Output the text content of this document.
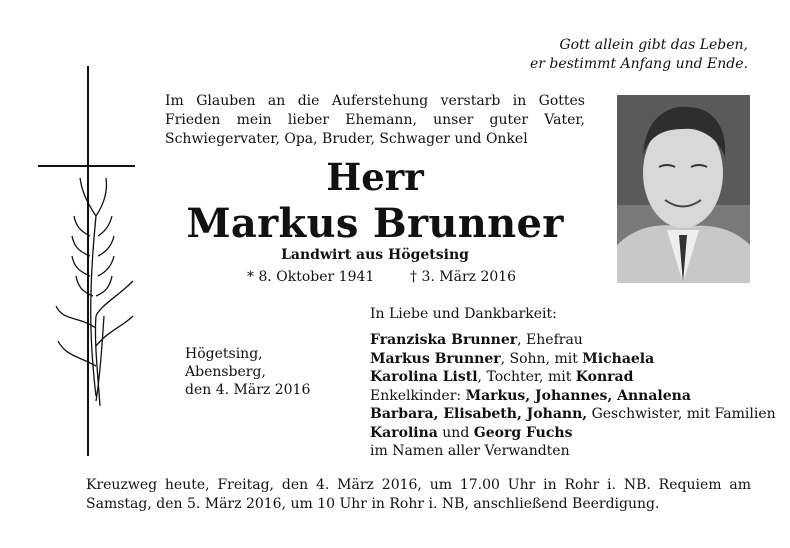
Gott allein gibt das Leben,
er bestimmt Anfang und Ende.
Im Glauben an die Auferstehung verstarb in Gottes Frieden mein lieber Ehemann, unser guter Vater, Schwiegervater, Opa, Bruder, Schwager und Onkel
Herr
Markus Brunner
Landwirt aus Högetsing
* 8. Oktober 1941	† 3. März 2016
Högetsing,
Abensberg,
den 4. März 2016
In Liebe und Dankbarkeit:
Franziska Brunner, Ehefrau
Markus Brunner, Sohn, mit Michaela
Karolina Listl, Tochter, mit Konrad
Enkelkinder: Markus, Johannes, Annalena
Barbara, Elisabeth, Johann, Geschwister, mit Familien
Karolina und Georg Fuchs
im Namen aller Verwandten
Kreuzweg heute, Freitag, den 4. März 2016, um 17.00 Uhr in Rohr i. NB. Requiem am Samstag, den 5. März 2016, um 10 Uhr in Rohr i. NB, anschließend Beerdigung.
